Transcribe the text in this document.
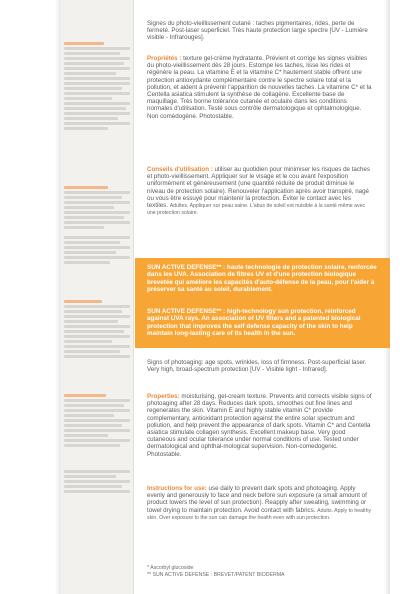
Signes du photo-vieillissement cutané : taches pigmentaires, rides, perte de fermeté. Post-laser superficiel. Très haute protection large spectre [UV - Lumière visible - Infrarouges].
Propriétés : texture gel-crème hydratante. Prévient et corrige les signes visibles du photo-vieillissement dès 28 jours. Estompe les taches, lisse les rides et régénère la peau. La vitamine E et la vitamine C* hautement stable offrent une protection antioxydante complémentaire contre le spectre solaire total et la pollution, et aident à prévenir l'apparition de nouvelles taches. La vitamine C* et la Centella asiatica stimulent la synthèse de collagène. Excellente base de maquillage. Très bonne tolérance cutanée et oculaire dans les conditions normales d'utilisation. Testé sous contrôle dermatologique et ophtalmologique. Non comédogène. Photostable.
Conseils d'utilisation : utiliser au quotidien pour minimiser les risques de taches et photo-vieillissement. Appliquer sur le visage et le cou avant l'exposition uniformément et généreusement (une quantité réduite de produit diminue le niveau de protection solaire). Renouveler l'application après avoir transpiré, nagé ou vous être essuyé pour maintenir la protection. Éviter le contact avec les textiles. Adultes. Appliquer sur peau saine. L'abus de soleil est nuisible à la santé même avec une protection solaire.
SUN ACTIVE DEFENSE** : haute technologie de protection solaire, renforcée dans les UVA. Association de filtres UV et d'une protection biologique brevetée qui améliore les capacités d'auto-défense de la peau, pour l'aider à préserver sa santé au soleil, durablement.
SUN ACTIVE DEFENSE** : high-technology sun protection, reinforced against UVA rays. An association of UV filters and a patented biological protection that improves the self defense capacity of the skin to help maintain long-lasting care of its health in the sun.
Signs of photoaging: age spots, wrinkles, loss of firmness. Post-superficial laser. Very high, broad-spectrum protection [UV - Visible light - Infrared].
Properties: moisturising, gel-cream texture. Prevents and corrects visible signs of photoaging after 28 days. Reduces dark spots, smoothes out fine lines and regenerates the skin. Vitamin E and highly stable vitamin C* provide complementary, antioxidant protection against the entire solar spectrum and pollution, and help prevent the appearance of dark spots. Vitamin C* and Centella asiatica stimulate collagen synthesis. Excellent makeup base. Very good cutaneous and ocular tolerance under normal conditions of use. Tested under dermatological and ophthal-mological supervision. Non-comedogenic. Photostable.
Instructions for use: use daily to prevent dark spots and photoaging. Apply evenly and generously to face and neck before sun exposure (a small amount of product lowers the level of sun protection). Reapply after sweating, swimming or towel drying to maintain protection. Avoid contact with fabrics. Adults. Apply to healthy skin. Over exposure to the sun can damage the health even with sun protection.
* Ascorbyl glucoside
** SUN ACTIVE DEFENSE : BREVET/PATENT BIODERMA
